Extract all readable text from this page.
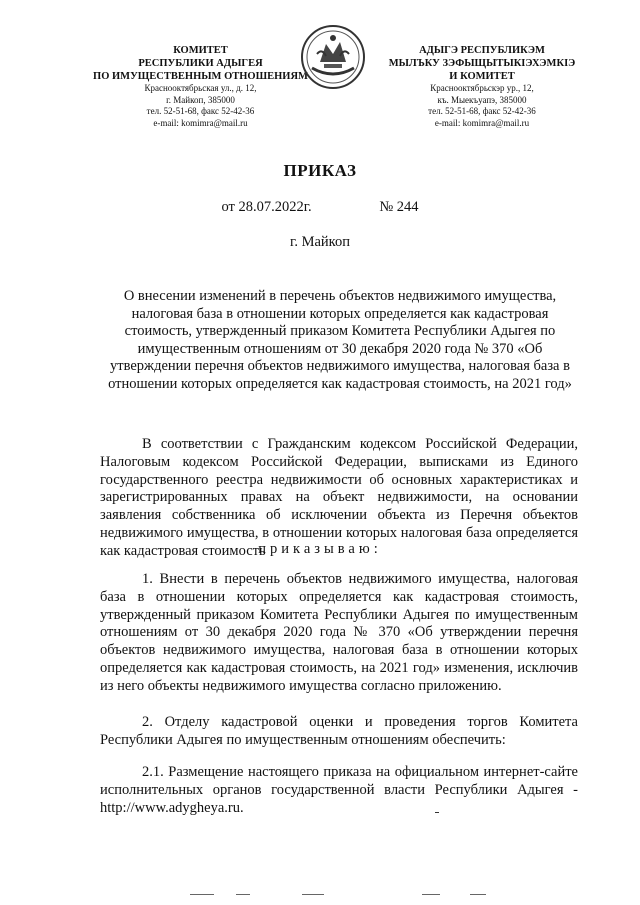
КОМИТЕТ
РЕСПУБЛИКИ АДЫГЕЯ
ПО ИМУЩЕСТВЕННЫМ ОТНОШЕНИЯМ
Краснооктябрьская ул., д. 12,
г. Майкоп, 385000
тел. 52-51-68, факс 52-42-36
e-mail: komimra@mail.ru
АДЫГЭ РЕСПУБЛИКЭМ
МЫЛЪКУ ЗЭФЫЩЫТЫКIЭХЭМКIЭ
И КОМИТЕТ
Краснооктябрьскэр ур., 12,
къ. Мыекъуапэ, 385000
тел. 52-51-68, факс 52-42-36
e-mail: komimra@mail.ru
ПРИКАЗ
от 28.07.2022г.	№ 244
г. Майкоп
О внесении изменений в перечень объектов недвижимого имущества, налоговая база в отношении которых определяется как кадастровая стоимость, утвержденный приказом Комитета Республики Адыгея по имущественным отношениям от 30 декабря 2020 года № 370 «Об утверждении перечня объектов недвижимого имущества, налоговая база в отношении которых определяется как кадастровая стоимость, на 2021 год»
В соответствии с Гражданским кодексом Российской Федерации, Налоговым кодексом Российской Федерации, выписками из Единого государственного реестра недвижимости об основных характеристиках и зарегистрированных правах на объект недвижимости, на основании заявления собственника об исключении объекта из Перечня объектов недвижимого имущества, в отношении которых налоговая база определяется как кадастровая стоимость
приказываю:
1. Внести в перечень объектов недвижимого имущества, налоговая база в отношении которых определяется как кадастровая стоимость, утвержденный приказом Комитета Республики Адыгея по имущественным отношениям от 30 декабря 2020 года № 370 «Об утверждении перечня объектов недвижимого имущества, налоговая база в отношении которых определяется как кадастровая стоимость, на 2021 год» изменения, исключив из него объекты недвижимого имущества согласно приложению.
2. Отделу кадастровой оценки и проведения торгов Комитета Республики Адыгея по имущественным отношениям обеспечить:
2.1. Размещение настоящего приказа на официальном интернет-сайте исполнительных органов государственной власти Республики Адыгея - http://www.adygheya.ru.
